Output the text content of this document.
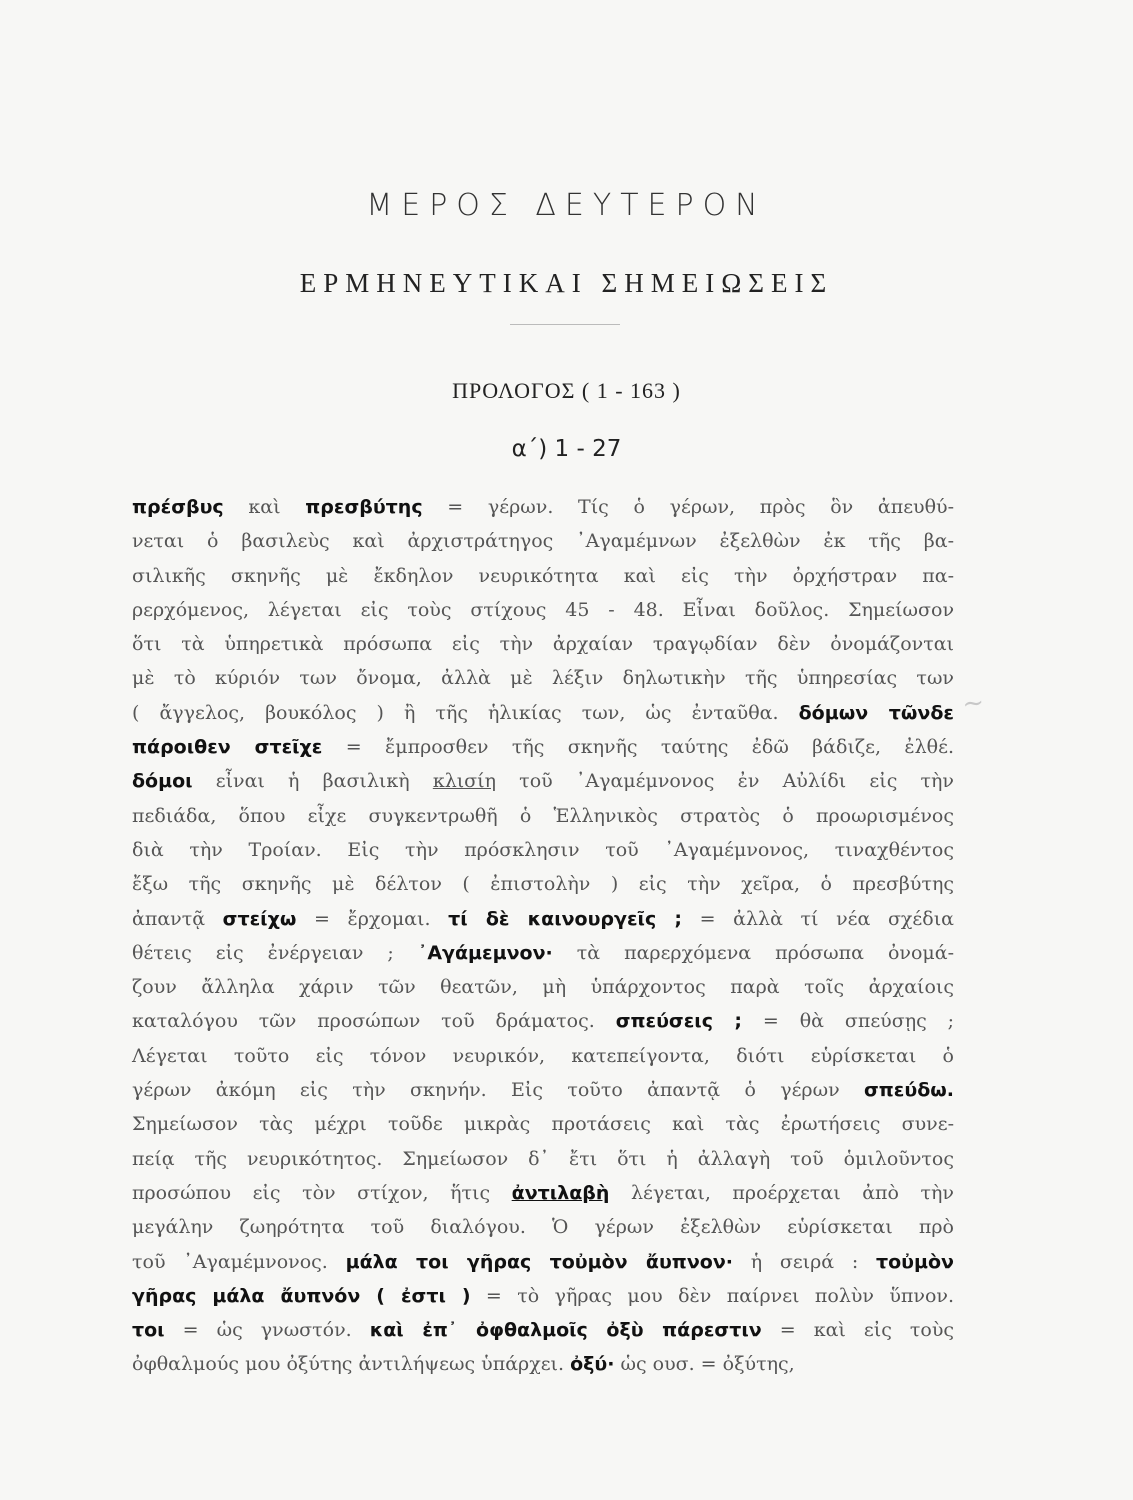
ΜΕΡΟΣ ΔΕΥΤΕΡΟΝ
ΕΡΜΗΝΕΥΤΙΚΑΙ ΣΗΜΕΙΩΣΕΙΣ
ΠΡΟΛΟΓΟΣ ( 1 - 163 )
α΄) 1 - 27
πρέσβυς καὶ πρεσβύτης = γέρων. Τίς ὁ γέρων, πρὸς ὃν ἀπευθύ-
νεται ὁ βασιλεὺς καὶ ἀρχιστράτηγος ᾿Αγαμέμνων ἐξελθὼν ἐκ τῆς βα-
σιλικῆς σκηνῆς μὲ ἔκδηλον νευρικότητα καὶ εἰς τὴν ὀρχήστραν πα-
ρερχόμενος, λέγεται εἰς τοὺς στίχους 45 - 48. Εἶναι δοῦλος. Σημείωσον
ὅτι τὰ ὑπηρετικὰ πρόσωπα εἰς τὴν ἀρχαίαν τραγῳδίαν δὲν ὀνομάζονται
μὲ τὸ κύριόν των ὄνομα, ἀλλὰ μὲ λέξιν δηλωτικὴν τῆς ὑπηρεσίας των
( ἄγγελος, βουκόλος ) ἢ τῆς ἡλικίας των, ὡς ἐνταῦθα. δόμων τῶνδε
πάροιθεν στεῖχε = ἔμπροσθεν τῆς σκηνῆς ταύτης ἐδῶ βάδιζε, ἐλθέ.
δόμοι εἶναι ἡ βασιλικὴ κλισίη τοῦ ᾿Αγαμέμνονος ἐν Αὐλίδι εἰς τὴν
πεδιάδα, ὅπου εἶχε συγκεντρωθῆ ὁ Ἑλληνικὸς στρατὸς ὁ προωρισμένος
διὰ τὴν Τροίαν. Εἰς τὴν πρόσκλησιν τοῦ ᾿Αγαμέμνονος, τιναχθέντος
ἔξω τῆς σκηνῆς μὲ δέλτον ( ἐπιστολὴν ) εἰς τὴν χεῖρα, ὁ πρεσβύτης
ἀπαντᾷ στείχω = ἔρχομαι. τί δὲ καινουργεῖς ; = ἀλλὰ τί νέα σχέδια
θέτεις εἰς ἐνέργειαν ; ᾿Αγάμεμνον· τὰ παρερχόμενα πρόσωπα ὀνομά-
ζουν ἄλληλα χάριν τῶν θεατῶν, μὴ ὑπάρχοντος παρὰ τοῖς ἀρχαίοις
καταλόγου τῶν προσώπων τοῦ δράματος. σπεύσεις ; = θὰ σπεύσῃς ;
Λέγεται τοῦτο εἰς τόνον νευρικόν, κατεπείγοντα, διότι εὑρίσκεται ὁ
γέρων ἀκόμη εἰς τὴν σκηνήν. Εἰς τοῦτο ἀπαντᾷ ὁ γέρων σπεύδω.
Σημείωσον τὰς μέχρι τοῦδε μικρὰς προτάσεις καὶ τὰς ἐρωτήσεις συνε-
πείᾳ τῆς νευρικότητος. Σημείωσον δ᾿ ἔτι ὅτι ἡ ἀλλαγὴ τοῦ ὁμιλοῦντος
προσώπου εἰς τὸν στίχον, ἥτις ἀντιλαβὴ λέγεται, προέρχεται ἀπὸ τὴν
μεγάλην ζωηρότητα τοῦ διαλόγου. Ὁ γέρων ἐξελθὼν εὑρίσκεται πρὸ
τοῦ ᾿Αγαμέμνονος. μάλα τοι γῆρας τοὐμὸν ἄυπνον· ἡ σειρά : τοὐμὸν
γῆρας μάλα ἄυπνόν ( ἐστι ) = τὸ γῆρας μου δὲν παίρνει πολὺν ὕπνον.
τοι = ὡς γνωστόν. καὶ ἐπ᾿ ὀφθαλμοῖς ὀξὺ πάρεστιν = καὶ εἰς τοὺς
ὀφθαλμούς μου ὀξύτης ἀντιλήψεως ὑπάρχει. ὀξύ· ὡς ουσ. = ὀξύτης,
~
